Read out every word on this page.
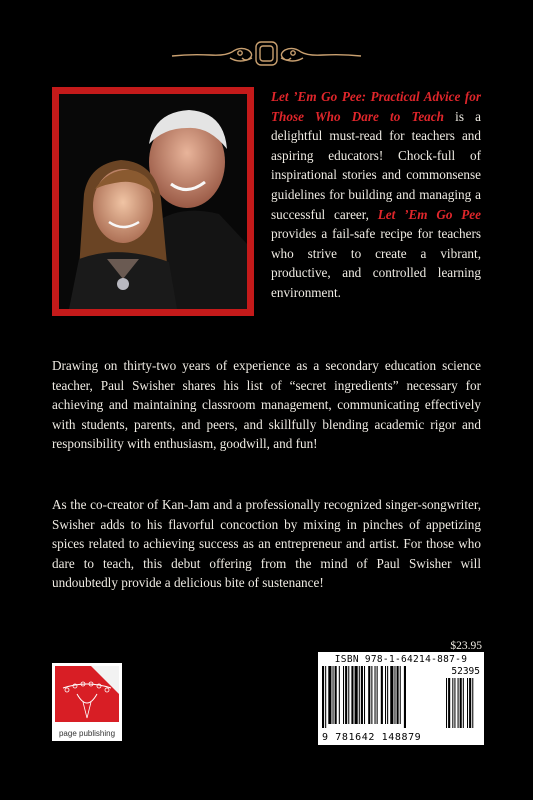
Let ’Em Go Pee: Practical Advice for Those Who Dare to Teach is a delightful must-read for teachers and aspiring educators! Chock-full of inspirational stories and commonsense guidelines for building and managing a successful career, Let ’Em Go Pee provides a fail-safe recipe for teachers who strive to create a vibrant, productive, and controlled learning environment.

Drawing on thirty-two years of experience as a secondary education science teacher, Paul Swisher shares his list of “secret ingredients” necessary for achieving and maintaining classroom management, communicating effectively with students, parents, and peers, and skillfully blending academic rigor and responsibility with enthusiasm, goodwill, and fun!

As the co-creator of Kan-Jam and a professionally recognized singer-songwriter, Swisher adds to his flavorful concoction by mixing in pinches of appetizing spices related to achieving success as an entrepreneur and artist. For those who dare to teach, this debut offering from the mind of Paul Swisher will undoubtedly provide a delicious bite of sustenance!

$23.95
ISBN 978-1-64214-887-9
52395
9 781642 148879
page publishing
